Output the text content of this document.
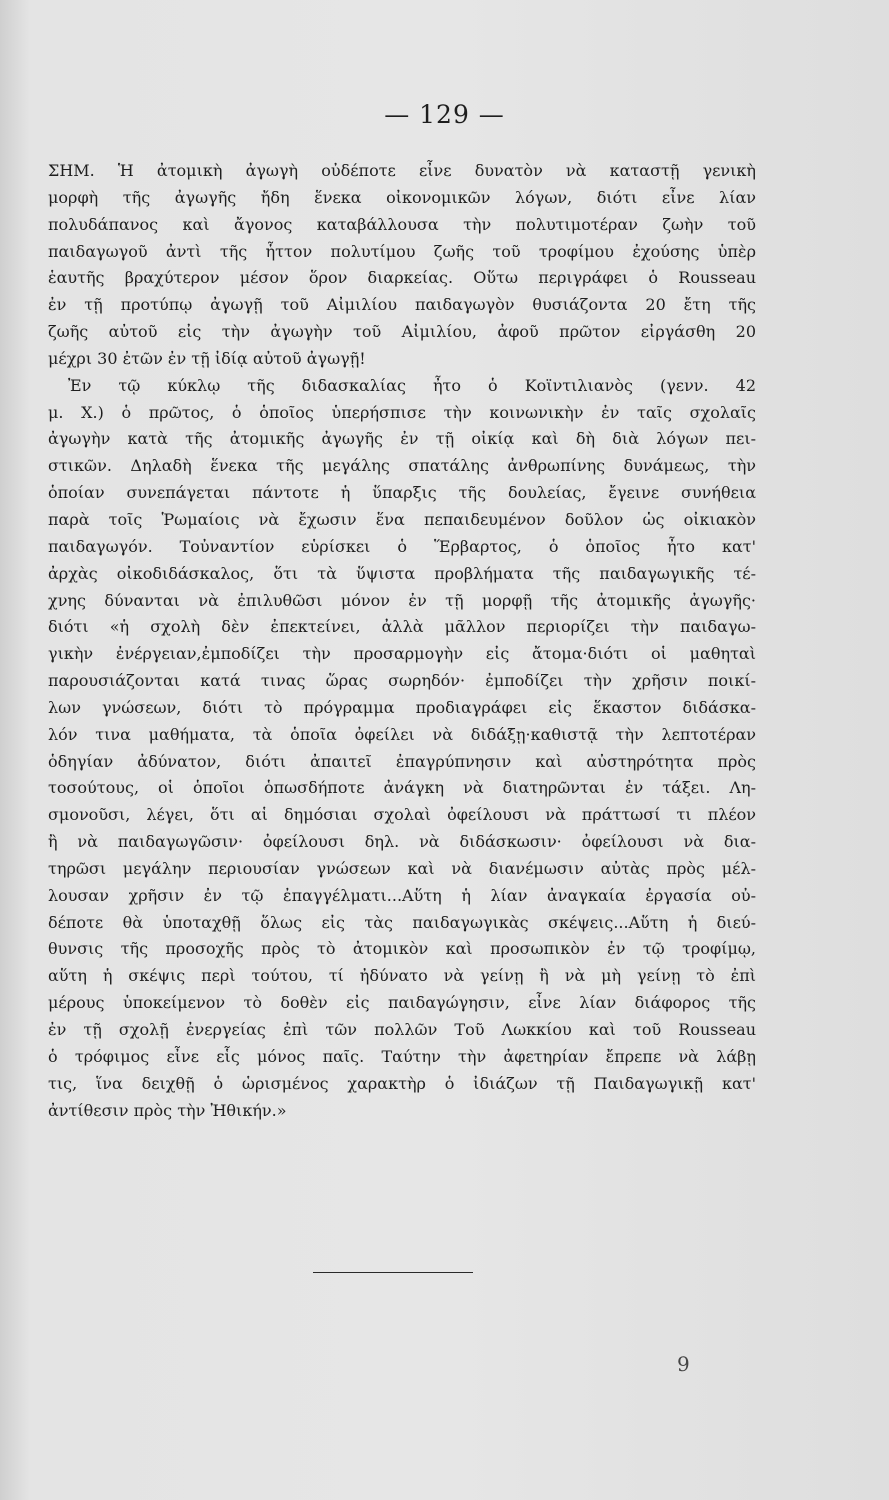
— 129 —
ΣΗΜ. Ἡ ἀτομικὴ ἀγωγὴ οὐδέποτε εἶνε δυνατὸν νὰ καταστῇ γενικὴ
μορφὴ τῆς ἀγωγῆς ἤδη ἕνεκα οἰκονομικῶν λόγων, διότι εἶνε λίαν
πολυδάπανος καὶ ἄγονος καταβάλλουσα τὴν πολυτιμοτέραν ζωὴν τοῦ
παιδαγωγοῦ ἀντὶ τῆς ἧττον πολυτίμου ζωῆς τοῦ τροφίμου ἐχούσης ὑπὲρ
ἑαυτῆς βραχύτερον μέσον ὅρον διαρκείας. Οὕτω περιγράφει ὁ Rousseau
ἐν τῇ προτύπῳ ἀγωγῇ τοῦ Αἰμιλίου παιδαγωγὸν θυσιάζοντα 20 ἔτη τῆς
ζωῆς αὐτοῦ εἰς τὴν ἀγωγὴν τοῦ Αἰμιλίου, ἀφοῦ πρῶτον εἰργάσθη 20
μέχρι 30 ἐτῶν ἐν τῇ ἰδίᾳ αὐτοῦ ἀγωγῇ!
Ἐν τῷ κύκλῳ τῆς διδασκαλίας ἦτο ὁ Κοϊντιλιανὸς (γενν. 42
μ. Χ.) ὁ πρῶτος, ὁ ὁποῖος ὑπερήσπισε τὴν κοινωνικὴν ἐν ταῖς σχολαῖς
ἀγωγὴν κατὰ τῆς ἀτομικῆς ἀγωγῆς ἐν τῇ οἰκίᾳ καὶ δὴ διὰ λόγων πει-
στικῶν. Δηλαδὴ ἕνεκα τῆς μεγάλης σπατάλης ἀνθρωπίνης δυνάμεως, τὴν
ὁποίαν συνεπάγεται πάντοτε ἡ ὕπαρξις τῆς δουλείας, ἔγεινε συνήθεια
παρὰ τοῖς Ῥωμαίοις νὰ ἔχωσιν ἕνα πεπαιδευμένον δοῦλον ὡς οἰκιακὸν
παιδαγωγόν. Τοὐναντίον εὑρίσκει ὁ Ἕρβαρτος, ὁ ὁποῖος ἦτο κατ'
ἀρχὰς οἰκοδιδάσκαλος, ὅτι τὰ ὕψιστα προβλήματα τῆς παιδαγωγικῆς τέ-
χνης δύνανται νὰ ἐπιλυθῶσι μόνον ἐν τῇ μορφῇ τῆς ἀτομικῆς ἀγωγῆς·
διότι «ἡ σχολὴ δὲν ἐπεκτείνει, ἀλλὰ μᾶλλον περιορίζει τὴν παιδαγω-
γικὴν ἐνέργειαν,ἐμποδίζει τὴν προσαρμογὴν εἰς ἄτομα·διότι οἱ μαθηταὶ
παρουσιάζονται κατά τινας ὥρας σωρηδόν· ἐμποδίζει τὴν χρῆσιν ποικί-
λων γνώσεων, διότι τὸ πρόγραμμα προδιαγράφει εἰς ἕκαστον διδάσκα-
λόν τινα μαθήματα, τὰ ὁποῖα ὀφείλει νὰ διδάξῃ·καθιστᾷ τὴν λεπτοτέραν
ὁδηγίαν ἀδύνατον, διότι ἀπαιτεῖ ἐπαγρύπνησιν καὶ αὐστηρότητα πρὸς
τοσούτους, οἱ ὁποῖοι ὁπωσδήποτε ἀνάγκη νὰ διατηρῶνται ἐν τάξει. Λη-
σμονοῦσι, λέγει, ὅτι αἱ δημόσιαι σχολαὶ ὀφείλουσι νὰ πράττωσί τι πλέον
ἢ νὰ παιδαγωγῶσιν· ὀφείλουσι δηλ. νὰ διδάσκωσιν· ὀφείλουσι νὰ δια-
τηρῶσι μεγάλην περιουσίαν γνώσεων καὶ νὰ διανέμωσιν αὐτὰς πρὸς μέλ-
λουσαν χρῆσιν ἐν τῷ ἐπαγγέλματι...Αὕτη ἡ λίαν ἀναγκαία ἐργασία οὐ-
δέποτε θὰ ὑποταχθῇ ὅλως εἰς τὰς παιδαγωγικὰς σκέψεις...Αὕτη ἡ διεύ-
θυνσις τῆς προσοχῆς πρὸς τὸ ἀτομικὸν καὶ προσωπικὸν ἐν τῷ τροφίμῳ,
αὕτη ἡ σκέψις περὶ τούτου, τί ἠδύνατο νὰ γείνῃ ἢ νὰ μὴ γείνῃ τὸ ἐπὶ
μέρους ὑποκείμενον τὸ δοθὲν εἰς παιδαγώγησιν, εἶνε λίαν διάφορος τῆς
ἐν τῇ σχολῇ ἐνεργείας ἐπὶ τῶν πολλῶν Τοῦ Λωκκίου καὶ τοῦ Rousseau
ὁ τρόφιμος εἶνε εἷς μόνος παῖς. Ταύτην τὴν ἀφετηρίαν ἔπρεπε νὰ λάβῃ
τις, ἵνα δειχθῇ ὁ ὡρισμένος χαρακτὴρ ὁ ἰδιάζων τῇ Παιδαγωγικῇ κατ'
ἀντίθεσιν πρὸς τὴν Ἠθικήν.»
9
